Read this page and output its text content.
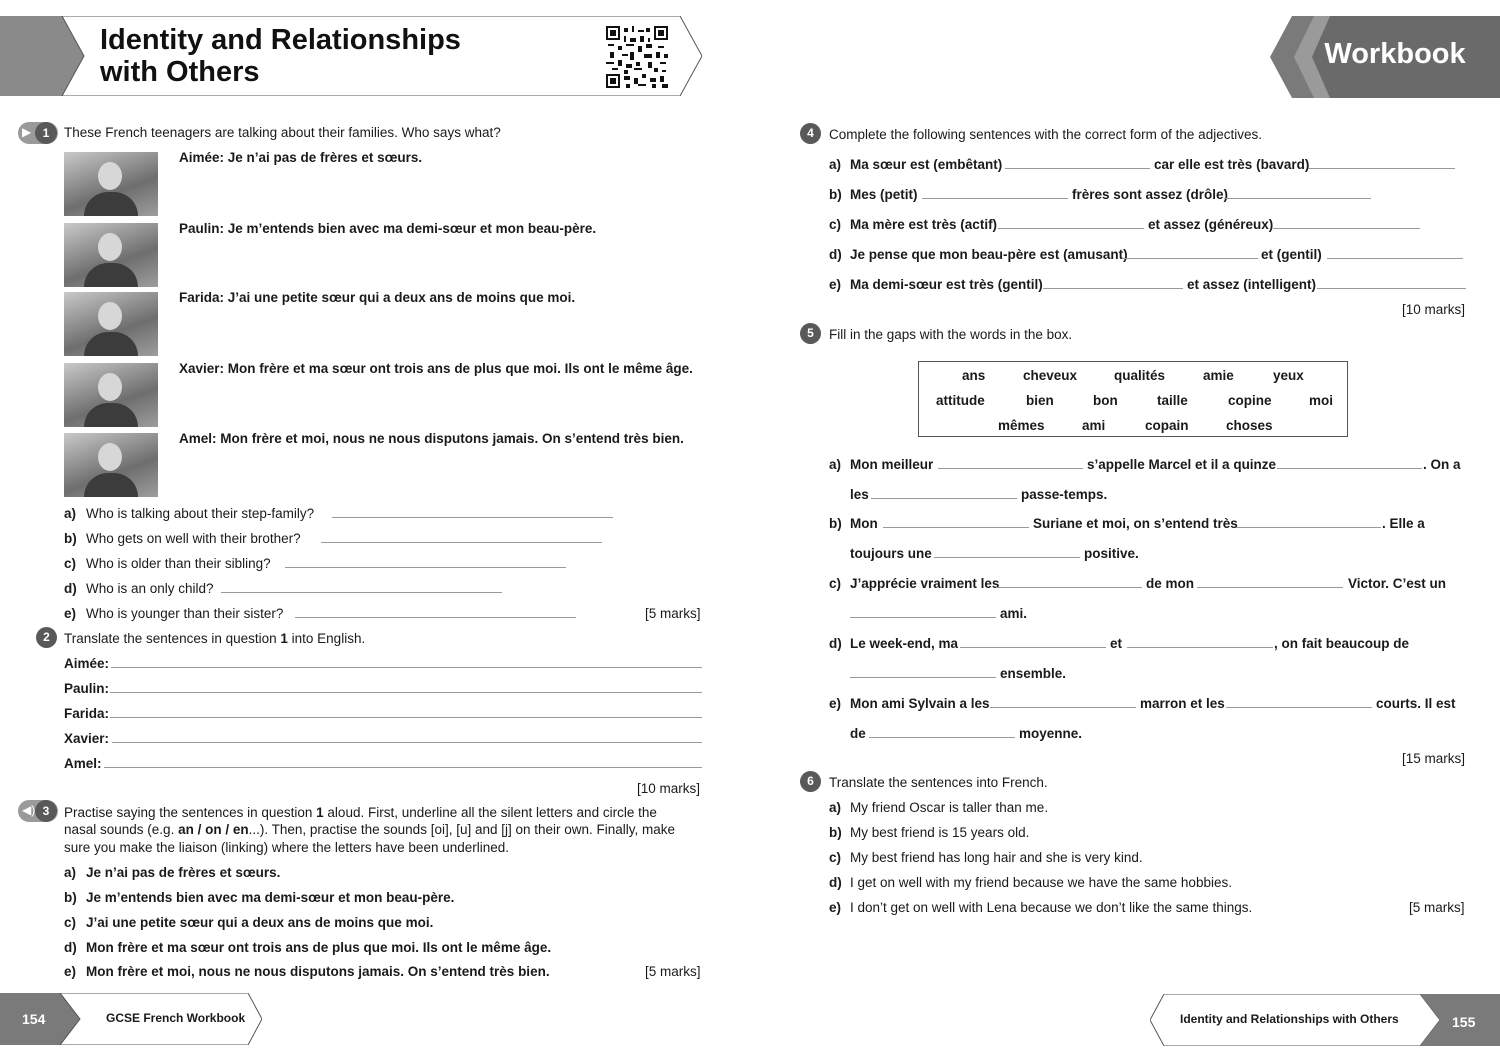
Identity and Relationships
with Others
Workbook
▶ 1	These French teenagers are talking about their families. Who says what?
Aimée: Je n’ai pas de frères et sœurs.
Paulin: Je m’entends bien avec ma demi-sœur et mon beau-père.
Farida: J’ai une petite sœur qui a deux ans de moins que moi.
Xavier: Mon frère et ma sœur ont trois ans de plus que moi. Ils ont le même âge.
Amel: Mon frère et moi, nous ne nous disputons jamais. On s’entend très bien.
a) Who is talking about their step-family?
b) Who gets on well with their brother?
c) Who is older than their sibling?
d) Who is an only child?
e) Who is younger than their sister?	[5 marks]
2	Translate the sentences in question 1 into English.
Aimée:
Paulin:
Farida:
Xavier:
Amel:
[10 marks]
◀) 3	Practise saying the sentences in question 1 aloud. First, underline all the silent letters and circle the
nasal sounds (e.g. an / on / en...). Then, practise the sounds [oi], [u] and [j] on their own. Finally, make
sure you make the liaison (linking) where the letters have been underlined.
a) Je n’ai pas de frères et sœurs.
b) Je m’entends bien avec ma demi-sœur et mon beau-père.
c) J’ai une petite sœur qui a deux ans de moins que moi.
d) Mon frère et ma sœur ont trois ans de plus que moi. Ils ont le même âge.
e) Mon frère et moi, nous ne nous disputons jamais. On s’entend très bien.	[5 marks]
4	Complete the following sentences with the correct form of the adjectives.
a) Ma sœur est (embêtant)	car elle est très (bavard)
b) Mes (petit)	frères sont assez (drôle)
c) Ma mère est très (actif)	et assez (généreux)
d) Je pense que mon beau-père est (amusant)	et (gentil)
e) Ma demi-sœur est très (gentil)	et assez (intelligent)
[10 marks]
5	Fill in the gaps with the words in the box.
ans	cheveux	qualités	amie	yeux
attitude	bien	bon	taille	copine	moi
mêmes	ami	copain	choses
a) Mon meilleur	s’appelle Marcel et il a quinze	. On a
les	passe-temps.
b) Mon	Suriane et moi, on s’entend très	. Elle a
toujours une	positive.
c) J’apprécie vraiment les	de mon	Victor. C’est un
ami.
d) Le week-end, ma	et	, on fait beaucoup de
ensemble.
e) Mon ami Sylvain a les	marron et les	courts. Il est
de	moyenne.
[15 marks]
6	Translate the sentences into French.
a) My friend Oscar is taller than me.
b) My best friend is 15 years old.
c) My best friend has long hair and she is very kind.
d) I get on well with my friend because we have the same hobbies.
e) I don’t get on well with Lena because we don’t like the same things.	[5 marks]
154	GCSE French Workbook	Identity and Relationships with Others	155
